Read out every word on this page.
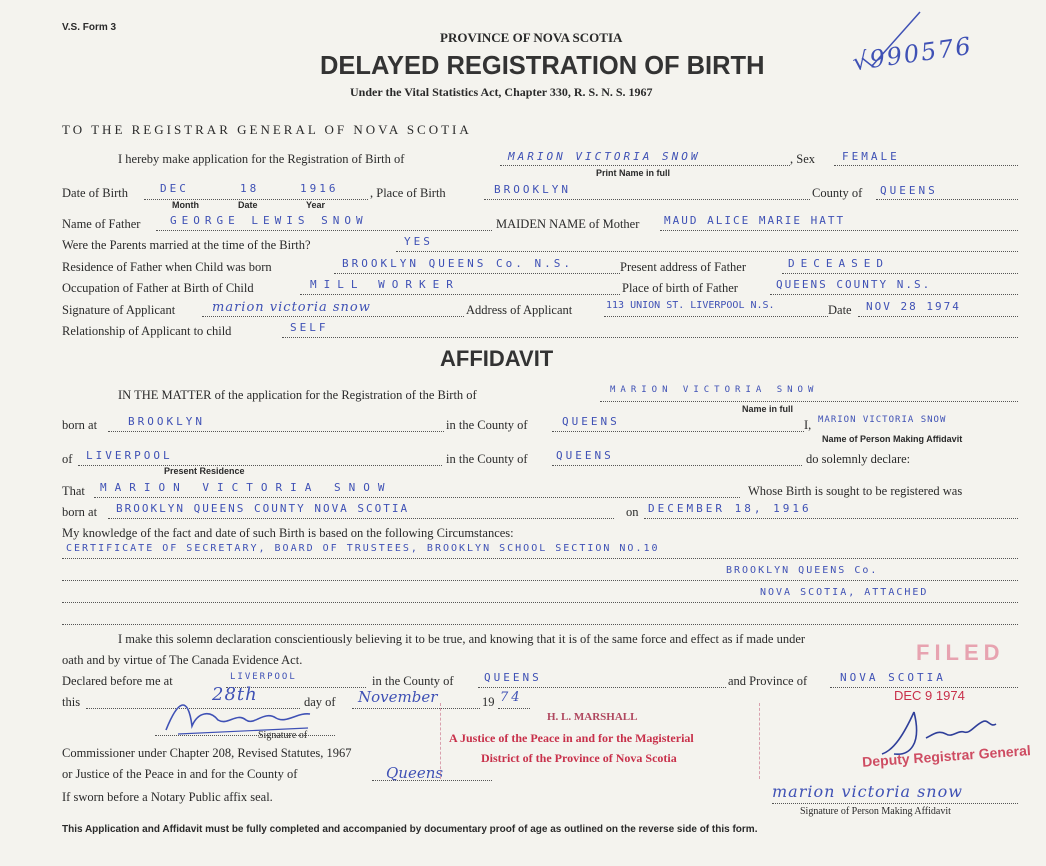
V.S. Form 3
PROVINCE OF NOVA SCOTIA
DELAYED REGISTRATION OF BIRTH
Under the Vital Statistics Act, Chapter 330, R. S. N. S. 1967
√990576
TO THE REGISTRAR GENERAL OF NOVA SCOTIA
I hereby make application for the Registration of Birth of	MARION VICTORIA SNOW	, Sex FEMALE
Print Name in full
Date of Birth	DEC	18	1916	, Place of Birth	BROOKLYN	County of QUEENS
Month	Date	Year
Name of Father	GEORGE LEWIS SNOW	MAIDEN NAME of Mother MAUD ALICE MARIE HATT
Were the Parents married at the time of the Birth?	YES
Residence of Father when Child was born	BROOKLYN QUEENS Co. N.S.	Present address of Father	DECEASED
Occupation of Father at Birth of Child	MILL WORKER	Place of birth of Father	QUEENS COUNTY N.S.
Signature of Applicant	marion victoria snow	Address of Applicant	113 UNION ST. LIVERPOOL N.S.	Date NOV 28 1974
Relationship of Applicant to child	SELF
AFFIDAVIT
IN THE MATTER of the application for the Registration of the Birth of	MARION VICTORIA SNOW
Name in full
born at	BROOKLYN	in the County of	QUEENS	I, MARION VICTORIA SNOW
Name of Person Making Affidavit
of LIVERPOOL	in the County of	QUEENS	do solemnly declare:
Present Residence
That MARION VICTORIA SNOW	Whose Birth is sought to be registered was
born at BROOKLYN QUEENS COUNTY NOVA SCOTIA	on DECEMBER 18, 1916
My knowledge of the fact and date of such Birth is based on the following Circumstances:
CERTIFICATE OF SECRETARY, BOARD OF TRUSTEES, BROOKLYN SCHOOL SECTION NO.10
BROOKLYN QUEENS Co.
NOVA SCOTIA, ATTACHED
I make this solemn declaration conscientiously believing it to be true, and knowing that it is of the same force and effect as if made under
oath and by virtue of The Canada Evidence Act.
Declared before me at	LIVERPOOL	in the County of	QUEENS	and Province of	NOVA SCOTIA
this	28th	day of November	19 74
Signature of
Commissioner under Chapter 208, Revised Statutes, 1967
or Justice of the Peace in and for the County of	Queens
If sworn before a Notary Public affix seal.
H. L. MARSHALL
A Justice of the Peace in and for the Magisterial
District of the Province of Nova Scotia
FILED
DEC 9 1974
Deputy Registrar General
marion victoria snow
Signature of Person Making Affidavit
This Application and Affidavit must be fully completed and accompanied by documentary proof of age as outlined on the reverse side of this form.
